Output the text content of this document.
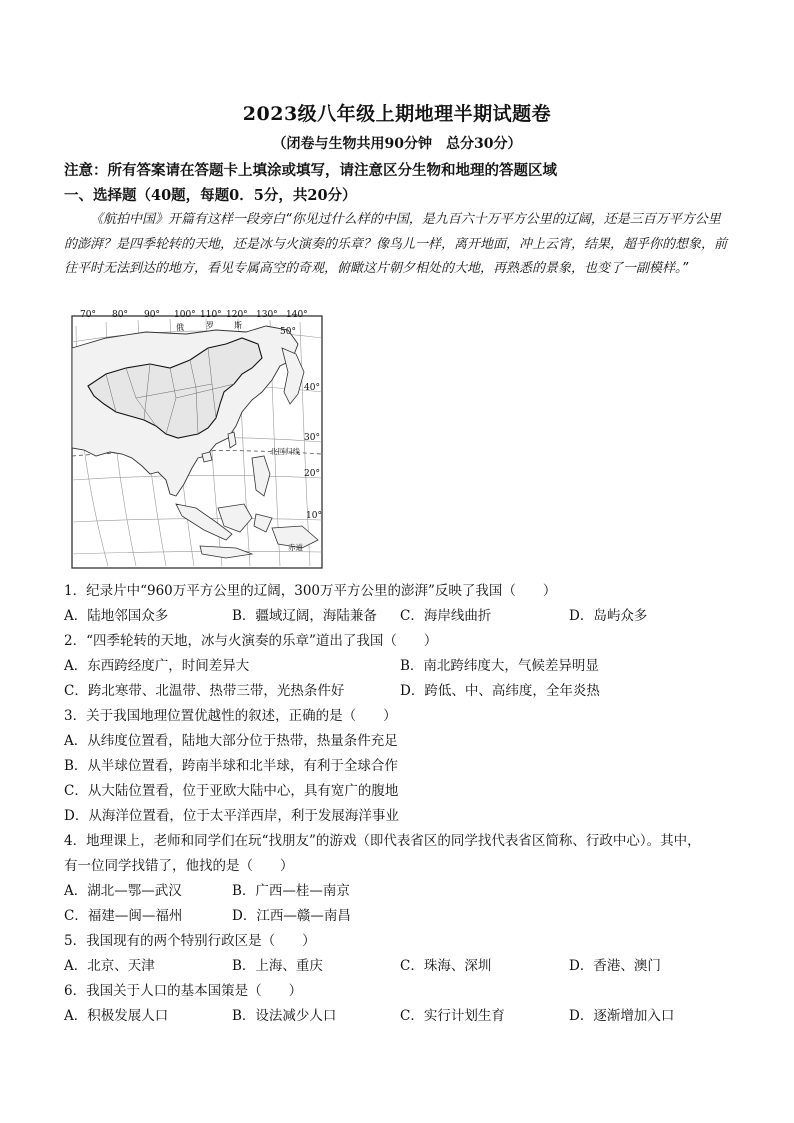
2023级八年级上期地理半期试题卷
（闭卷与生物共用90分钟　总分30分）
注意：所有答案请在答题卡上填涂或填写，请注意区分生物和地理的答题区域
一、选择题（40题，每题0．5分，共20分）
《航拍中国》开篇有这样一段旁白“你见过什么样的中国，是九百六十万平方公里的辽阔，还是三百万平方公里的澎湃？是四季轮转的天地，还是冰与火演奏的乐章？像鸟儿一样，离开地面，冲上云宵，结果，超乎你的想象，前往平时无法到达的地方，看见专属高空的奇观，俯瞰这片朝夕相处的大地，再熟悉的景象，也变了一副模样。”
70° 80° 90° 100° 110° 120° 130° 140°
50°
40°
30°
20°
10°
俄	罗	斯
北回归线
赤道
1．纪录片中“960万平方公里的辽阔，300万平方公里的澎湃”反映了我国（　　）
A．陆地邻国众多	B．疆域辽阔，海陆兼备 C．海岸线曲折	D．岛屿众多
2．“四季轮转的天地，冰与火演奏的乐章”道出了我国（　　）
A．东西跨经度广，时间差异大	B．南北跨纬度大，气候差异明显
C．跨北寒带、北温带、热带三带，光热条件好	D．跨低、中、高纬度，全年炎热
3．关于我国地理位置优越性的叙述，正确的是（　　）
A．从纬度位置看，陆地大部分位于热带，热量条件充足
B．从半球位置看，跨南半球和北半球，有利于全球合作
C．从大陆位置看，位于亚欧大陆中心，具有宽广的腹地
D．从海洋位置看，位于太平洋西岸，利于发展海洋事业
4．地理课上，老师和同学们在玩“找朋友”的游戏（即代表省区的同学找代表省区简称、行政中心）。其中，
有一位同学找错了，他找的是（　　）
A．湖北—鄂—武汉	B．广西—桂—南京
C．福建—闽—福州	D．江西—赣—南昌
5．我国现有的两个特别行政区是（　　）
A．北京、天津	B．上海、重庆	C．珠海、深圳	D．香港、澳门
6．我国关于人口的基本国策是（　　）
A．积极发展人口	B．设法减少人口	C．实行计划生育	D．逐渐增加入口
